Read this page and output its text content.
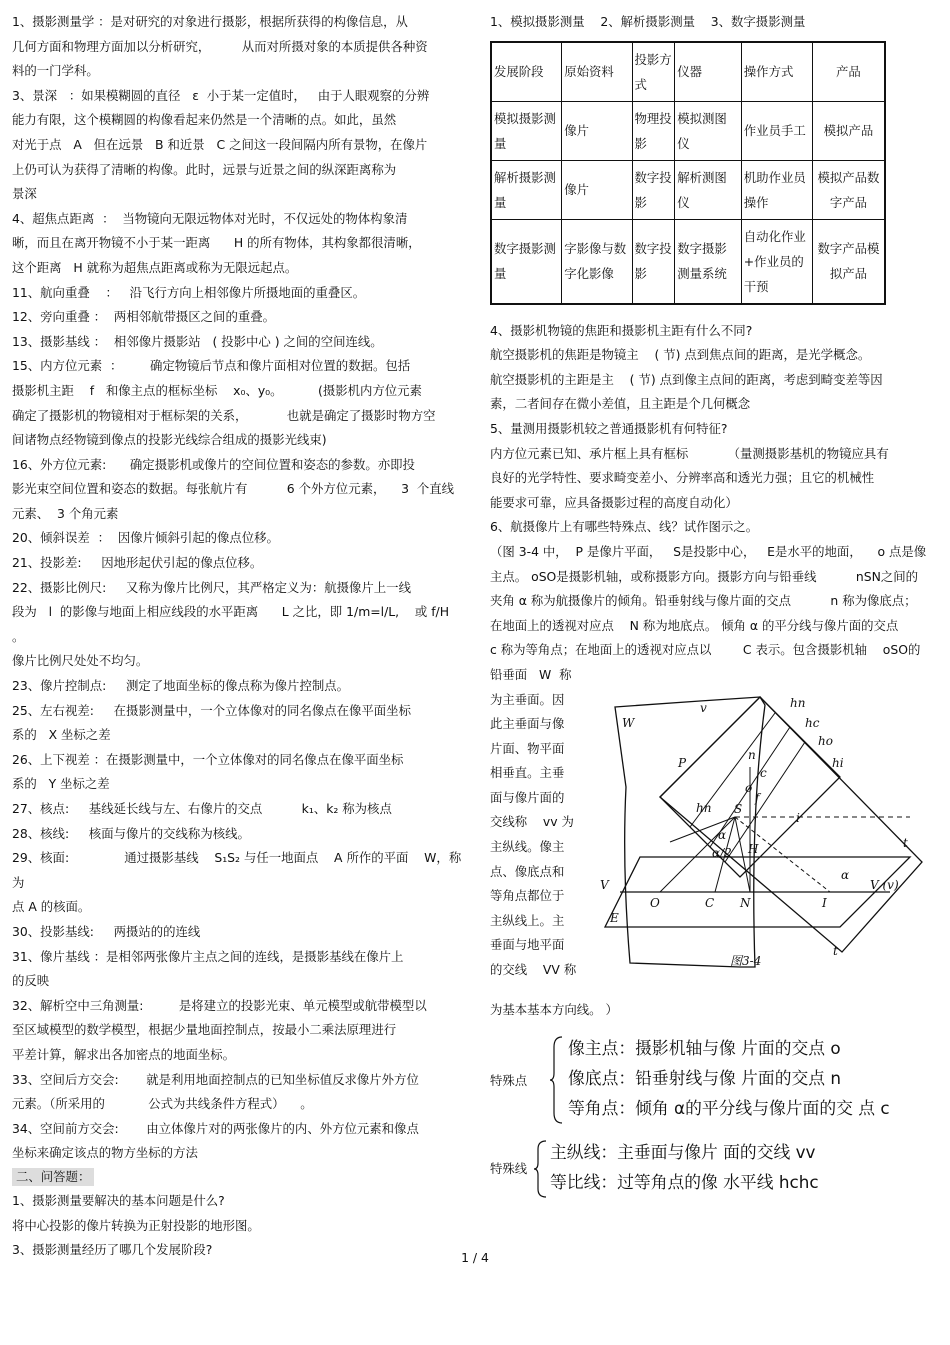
1、摄影测量学 ：是对研究的对象进行摄影，根据所获得的构像信息，从
几何方面和物理方面加以分析研究，        从而对所摄对象的本质提供各种资
料的一门学科。
3、景深   ：如果模糊圆的直径   ε  小于某一定值时，   由于人眼观察的分辨
能力有限，这个模糊圆的构像看起来仍然是一个清晰的点。如此，虽然
对光于点   A   但在远景   B 和近景   C 之间这一段间隔内所有景物，在像片
上仍可认为获得了清晰的构像。此时，远景与近景之间的纵深距离称为
景深
4、超焦点距离  ：  当物镜向无限远物体对光时，不仅远处的物体构象清
晰，而且在离开物镜不小于某一距离      H 的所有物体，其构象都很清晰，
这个距离   H 就称为超焦点距离或称为无限远起点。
11、航向重叠    ：   沿飞行方向上相邻像片所摄地面的重叠区。
12、旁向重叠 ：  两相邻航带摄区之间的重叠。
13、摄影基线 ：  相邻像片摄影站   ( 投影中心 ) 之间的空间连线。
15、内方位元素  ：       确定物镜后节点和像片面相对位置的数据。包括
摄影机主距    f   和像主点的框标坐标    x₀、y₀。         (摄影机内方位元素
确定了摄影机的物镜相对于框标架的关系，          也就是确定了摄影时物方空
间诸物点经物镜到像点的投影光线综合组成的摄影光线束)
16、外方位元素:      确定摄影机或像片的空间位置和姿态的参数。亦即投
影光束空间位置和姿态的数据。每张航片有          6 个外方位元素，    3  个直线
元素、  3 个角元素
20、倾斜误差  ：  因像片倾斜引起的像点位移。
21、投影差:     因地形起伏引起的像点位移。
22、摄影比例尺:     又称为像片比例尺，其严格定义为：航摄像片上一线
段为   l  的影像与地面上相应线段的水平距离      L 之比，即 1/m=l/L,    或 f/H 。
像片比例尺处处不均匀。
23、像片控制点:     测定了地面坐标的像点称为像片控制点。
25、左右视差:     在摄影测量中，一个立体像对的同名像点在像平面坐标
系的   X 坐标之差
26、上下视差 ：在摄影测量中，一个立体像对的同名像点在像平面坐标
系的   Y 坐标之差
27、核点:     基线延长线与左、右像片的交点          k₁、k₂ 称为核点
28、核线:     核面与像片的交线称为核线。
29、核面:              通过摄影基线    S₁S₂ 与任一地面点    A 所作的平面    W，称为
点 A 的核面。
30、投影基线:     两摄站的的连线
31、像片基线 ：是相邻两张像片主点之间的连线，是摄影基线在像片上
的反映
32、解析空中三角测量:         是将建立的投影光束、单元模型或航带模型以
至区域模型的数学模型，根据少量地面控制点，按最小二乘法原理进行
平差计算，解求出各加密点的地面坐标。
33、空间后方交会:       就是利用地面控制点的已知坐标值反求像片外方位
元素。（所采用的           公式为共线条件方程式）    。
34、空间前方交会:       由立体像片对的两张像片的内、外方位元素和像点
坐标来确定该点的物方坐标的方法
二、问答题：
1、摄影测量要解决的基本问题是什么?
将中心投影的像片转换为正射投影的地形图。
3、摄影测量经历了哪几个发展阶段?
1、模拟摄影测量    2、解析摄影测量    3、数字摄影测量
发展阶段	原始资料	投影方式	仪器	操作方式	产品
模拟摄影测量	像片	物理投影	模拟测图仪	作业员手工	模拟产品
解析摄影测量	像片	数字投影	解析测图仪	机助作业员操作	模拟产品数字产品
数字摄影测量	字影像与数字化影像	数字投影	数字摄影测量系统	自动化作业+作业员的干预	数字产品模拟产品
4、摄影机物镜的焦距和摄影机主距有什么不同?
航空摄影机的焦距是物镜主    ( 节) 点到焦点间的距离，是光学概念。
航空摄影机的主距是主    ( 节) 点到像主点间的距离，考虑到畸变差等因
素，二者间存在微小差值，且主距是个几何概念
5、量测用摄影机较之普通摄影机有何特征?
内方位元素已知、承片框上具有框标          （量测摄影基机的物镜应具有
良好的光学特性、要求畸变差小、分辨率高和透光力强；且它的机械性
能要求可靠，应具备摄影过程的高度自动化）
6、航摄像片上有哪些特殊点、线？试作图示之。
（图 3-4 中，  P 是像片平面，   S是投影中心，   E是水平的地面，    o 点是像
主点。 oSO是摄影机轴，或称摄影方向。摄影方向与铅垂线          nSN之间的
夹角 α 称为航摄像片的倾角。铅垂射线与像片面的交点          n 称为像底点；
在地面上的透视对应点    N 称为地底点。 倾角 α 的平分线与像片面的交点
c 称为等角点；在地面上的透视对应点以        C 表示。包含摄影机轴    oSO的
铅垂面   W  称
为主垂面。因
此主垂面与像
片面、物平面
相垂直。主垂
面与像片面的
交线称    vv 为
主纵线。像主
点、像底点和
等角点都位于
主纵线上。主
垂面与地平面
的交线    VV 称
W
P
E
S
H
V	V (v)
O	C N	I
v	hn
hc
ho
hi
hn
n
c
o
f
i
t
t
α
α
α/2
图3-4
为基本基本方向线。 ）
特殊点
像主点：摄影机轴与像 片面的交点 o
像底点：铅垂射线与像 片面的交点 n
等角点：倾角 α的平分线与像片面的交 点 c
特殊线
主纵线：主垂面与像片 面的交线 vv
等比线：过等角点的像 水平线 hchc
1 / 4
